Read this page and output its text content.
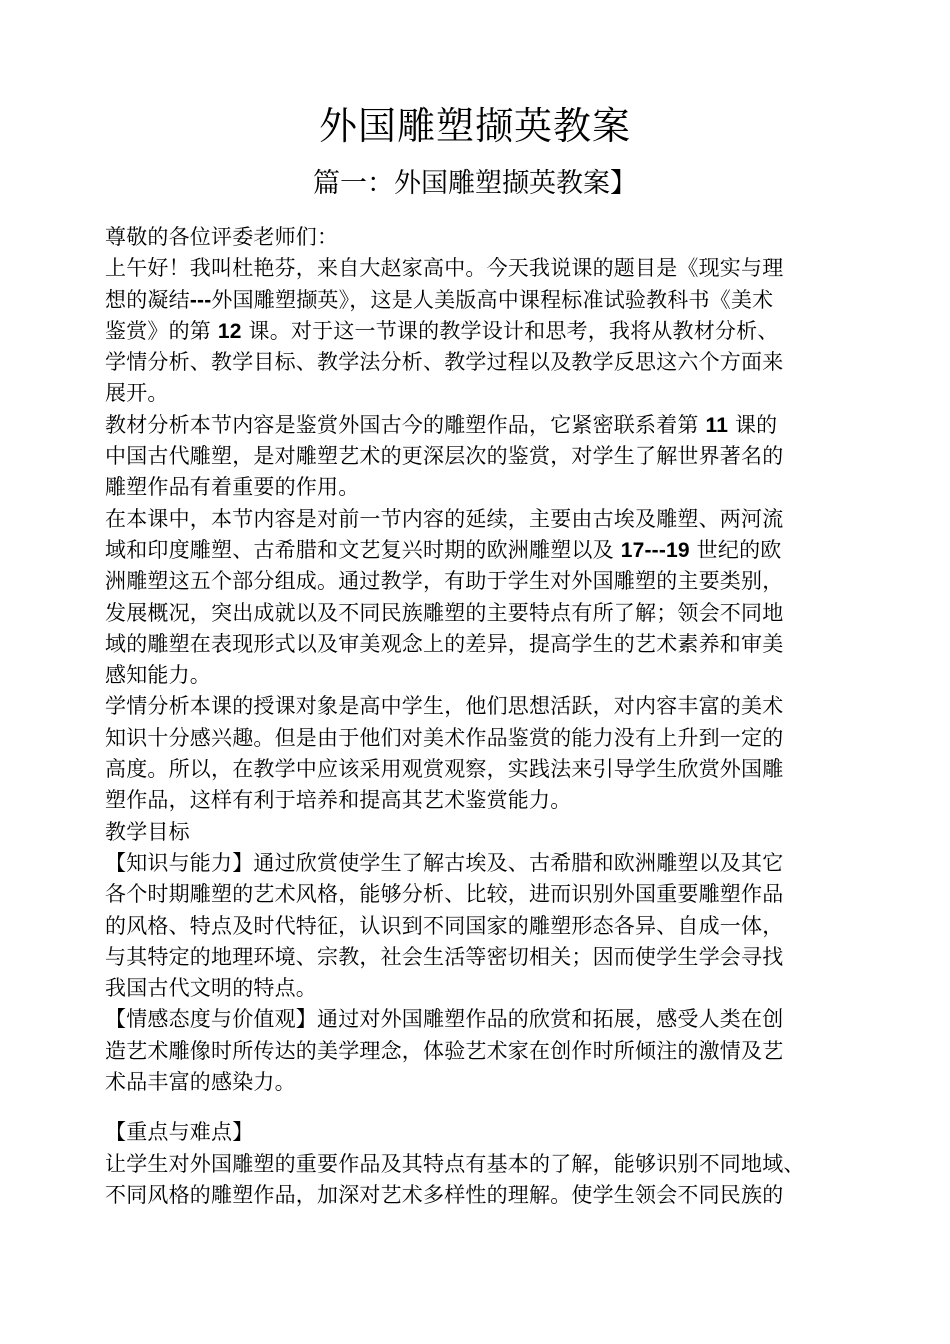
外国雕塑撷英教案
篇一：外国雕塑撷英教案】
尊敬的各位评委老师们：
上午好！我叫杜艳芬，来自大赵家高中。今天我说课的题目是《现实与理
想的凝结---外国雕塑撷英》，这是人美版高中课程标准试验教科书《美术
鉴赏》的第 12 课。对于这一节课的教学设计和思考，我将从教材分析、
学情分析、教学目标、教学法分析、教学过程以及教学反思这六个方面来
展开。
教材分析本节内容是鉴赏外国古今的雕塑作品，它紧密联系着第 11 课的
中国古代雕塑，是对雕塑艺术的更深层次的鉴赏，对学生了解世界著名的
雕塑作品有着重要的作用。
在本课中，本节内容是对前一节内容的延续，主要由古埃及雕塑、两河流
域和印度雕塑、古希腊和文艺复兴时期的欧洲雕塑以及 17---19 世纪的欧
洲雕塑这五个部分组成。通过教学，有助于学生对外国雕塑的主要类别，
发展概况，突出成就以及不同民族雕塑的主要特点有所了解；领会不同地
域的雕塑在表现形式以及审美观念上的差异，提高学生的艺术素养和审美
感知能力。
学情分析本课的授课对象是高中学生，他们思想活跃，对内容丰富的美术
知识十分感兴趣。但是由于他们对美术作品鉴赏的能力没有上升到一定的
高度。所以，在教学中应该采用观赏观察，实践法来引导学生欣赏外国雕
塑作品，这样有利于培养和提高其艺术鉴赏能力。
教学目标
【知识与能力】通过欣赏使学生了解古埃及、古希腊和欧洲雕塑以及其它
各个时期雕塑的艺术风格，能够分析、比较，进而识别外国重要雕塑作品
的风格、特点及时代特征，认识到不同国家的雕塑形态各异、自成一体，
与其特定的地理环境、宗教，社会生活等密切相关；因而使学生学会寻找
我国古代文明的特点。
【情感态度与价值观】通过对外国雕塑作品的欣赏和拓展，感受人类在创
造艺术雕像时所传达的美学理念，体验艺术家在创作时所倾注的激情及艺
术品丰富的感染力。
【重点与难点】
让学生对外国雕塑的重要作品及其特点有基本的了解，能够识别不同地域、
不同风格的雕塑作品，加深对艺术多样性的理解。使学生领会不同民族的
